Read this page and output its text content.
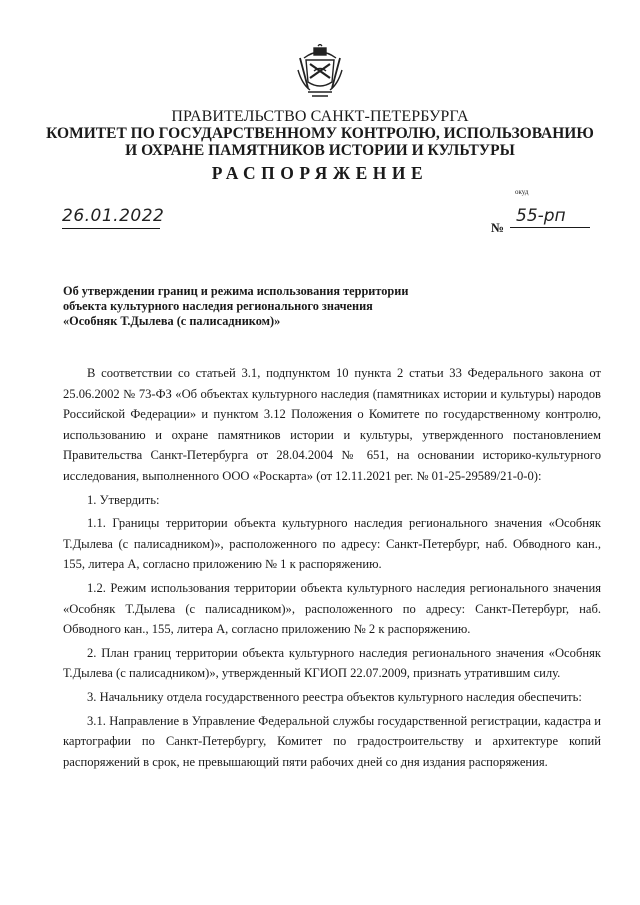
ПРАВИТЕЛЬСТВО САНКТ-ПЕТЕРБУРГА
КОМИТЕТ ПО ГОСУДАРСТВЕННОМУ КОНТРОЛЮ, ИСПОЛЬЗОВАНИЮ
И ОХРАНЕ ПАМЯТНИКОВ ИСТОРИИ И КУЛЬТУРЫ
РАСПОРЯЖЕНИЕ
окуд
26.01.2022
№
55-рп
Об утверждении границ и режима использования территории
объекта культурного наследия регионального значения
«Особняк Т.Дылева (с палисадником)»

В соответствии со статьей 3.1, подпунктом 10 пункта 2 статьи 33 Федерального закона от 25.06.2002 № 73-ФЗ «Об объектах культурного наследия (памятниках истории и культуры) народов Российской Федерации» и пунктом 3.12 Положения о Комитете по государственному контролю, использованию и охране памятников истории и культуры, утвержденного постановлением Правительства Санкт-Петербурга от 28.04.2004 № 651, на основании историко-культурного исследования, выполненного ООО «Роскарта» (от 12.11.2021 рег. № 01-25-29589/21-0-0):

1. Утвердить:

1.1. Границы территории объекта культурного наследия регионального значения «Особняк Т.Дылева (с палисадником)», расположенного по адресу: Санкт-Петербург, наб. Обводного кан., 155, литера А, согласно приложению № 1 к распоряжению.

1.2. Режим использования территории объекта культурного наследия регионального значения «Особняк Т.Дылева (с палисадником)», расположенного по адресу: Санкт-Петербург, наб. Обводного кан., 155, литера А, согласно приложению № 2 к распоряжению.

2. План границ территории объекта культурного наследия регионального значения «Особняк Т.Дылева (с палисадником)», утвержденный КГИОП 22.07.2009, признать утратившим силу.

3. Начальнику отдела государственного реестра объектов культурного наследия обеспечить:

3.1. Направление в Управление Федеральной службы государственной регистрации, кадастра и картографии по Санкт-Петербургу, Комитет по градостроительству и архитектуре копий распоряжений в срок, не превышающий пяти рабочих дней со дня издания распоряжения.
